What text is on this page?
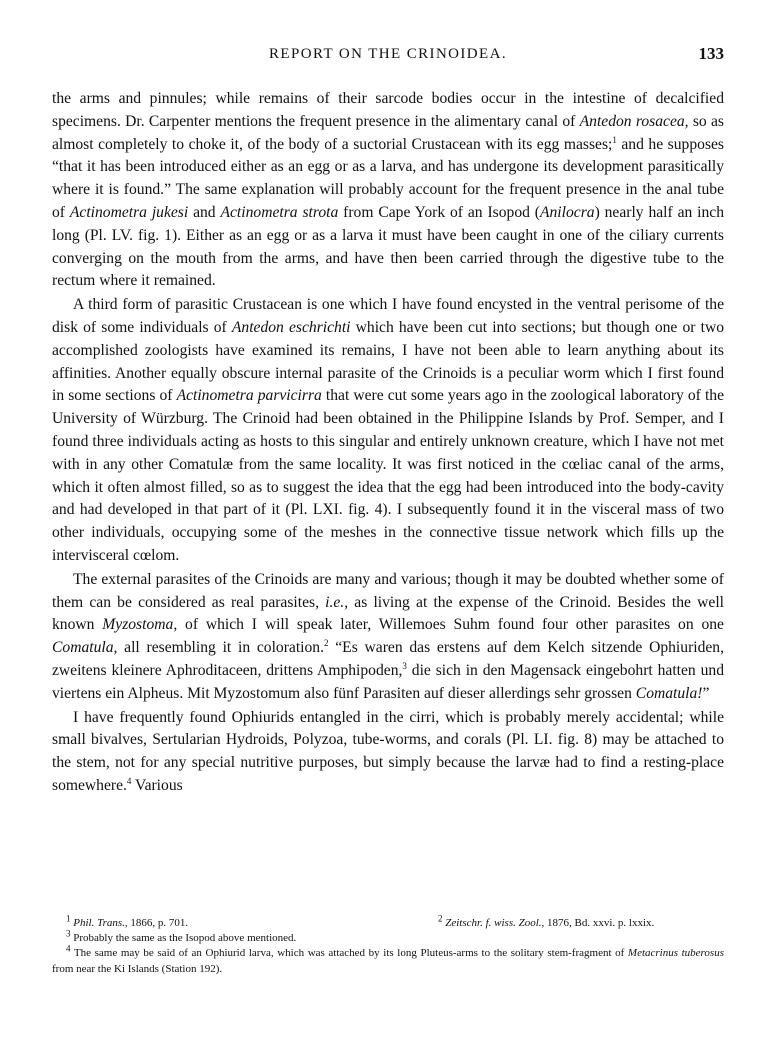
REPORT ON THE CRINOIDEA.	133

the arms and pinnules; while remains of their sarcode bodies occur in the intestine of decalcified specimens. Dr. Carpenter mentions the frequent presence in the alimentary canal of Antedon rosacea, so as almost completely to choke it, of the body of a suctorial Crustacean with its egg masses;$^1$ and he supposes “that it has been introduced either as an egg or as a larva, and has undergone its development parasitically where it is found.” The same explanation will probably account for the frequent presence in the anal tube of Actinometra jukesi and Actinometra strota from Cape York of an Isopod (Anilocra) nearly half an inch long (Pl. LV. fig. 1). Either as an egg or as a larva it must have been caught in one of the ciliary currents converging on the mouth from the arms, and have then been carried through the digestive tube to the rectum where it remained.

A third form of parasitic Crustacean is one which I have found encysted in the ventral perisome of the disk of some individuals of Antedon eschrichti which have been cut into sections; but though one or two accomplished zoologists have examined its remains, I have not been able to learn anything about its affinities. Another equally obscure internal parasite of the Crinoids is a peculiar worm which I first found in some sections of Actinometra parvicirra that were cut some years ago in the zoological laboratory of the University of Würzburg. The Crinoid had been obtained in the Philippine Islands by Prof. Semper, and I found three individuals acting as hosts to this singular and entirely unknown creature, which I have not met with in any other Comatulæ from the same locality. It was first noticed in the cœliac canal of the arms, which it often almost filled, so as to suggest the idea that the egg had been introduced into the body-cavity and had developed in that part of it (Pl. LXI. fig. 4). I subsequently found it in the visceral mass of two other individuals, occupying some of the meshes in the connective tissue network which fills up the intervisceral cœlom.

The external parasites of the Crinoids are many and various; though it may be doubted whether some of them can be considered as real parasites, i.e., as living at the expense of the Crinoid. Besides the well known Myzostoma, of which I will speak later, Willemoes Suhm found four other parasites on one Comatula, all resembling it in coloration.$^2$ “Es waren das erstens auf dem Kelch sitzende Ophiuriden, zweitens kleinere Aphroditaceen, drittens Amphipoden,$^3$ die sich in den Magensack eingebohrt hatten und viertens ein Alpheus. Mit Myzostomum also fünf Parasiten auf dieser allerdings sehr grossen Comatula!”

I have frequently found Ophiurids entangled in the cirri, which is probably merely accidental; while small bivalves, Sertularian Hydroids, Polyzoa, tube-worms, and corals (Pl. LI. fig. 8) may be attached to the stem, not for any special nutritive purposes, but simply because the larvæ had to find a resting-place somewhere.$^4$ Various

$^1$ Phil. Trans., 1866, p. 701.	$^2$ Zeitschr. f. wiss. Zool., 1876, Bd. xxvi. p. lxxix.
$^3$ Probably the same as the Isopod above mentioned.
$^4$ The same may be said of an Ophiurid larva, which was attached by its long Pluteus-arms to the solitary stem-fragment of Metacrinus tuberosus from near the Ki Islands (Station 192).
